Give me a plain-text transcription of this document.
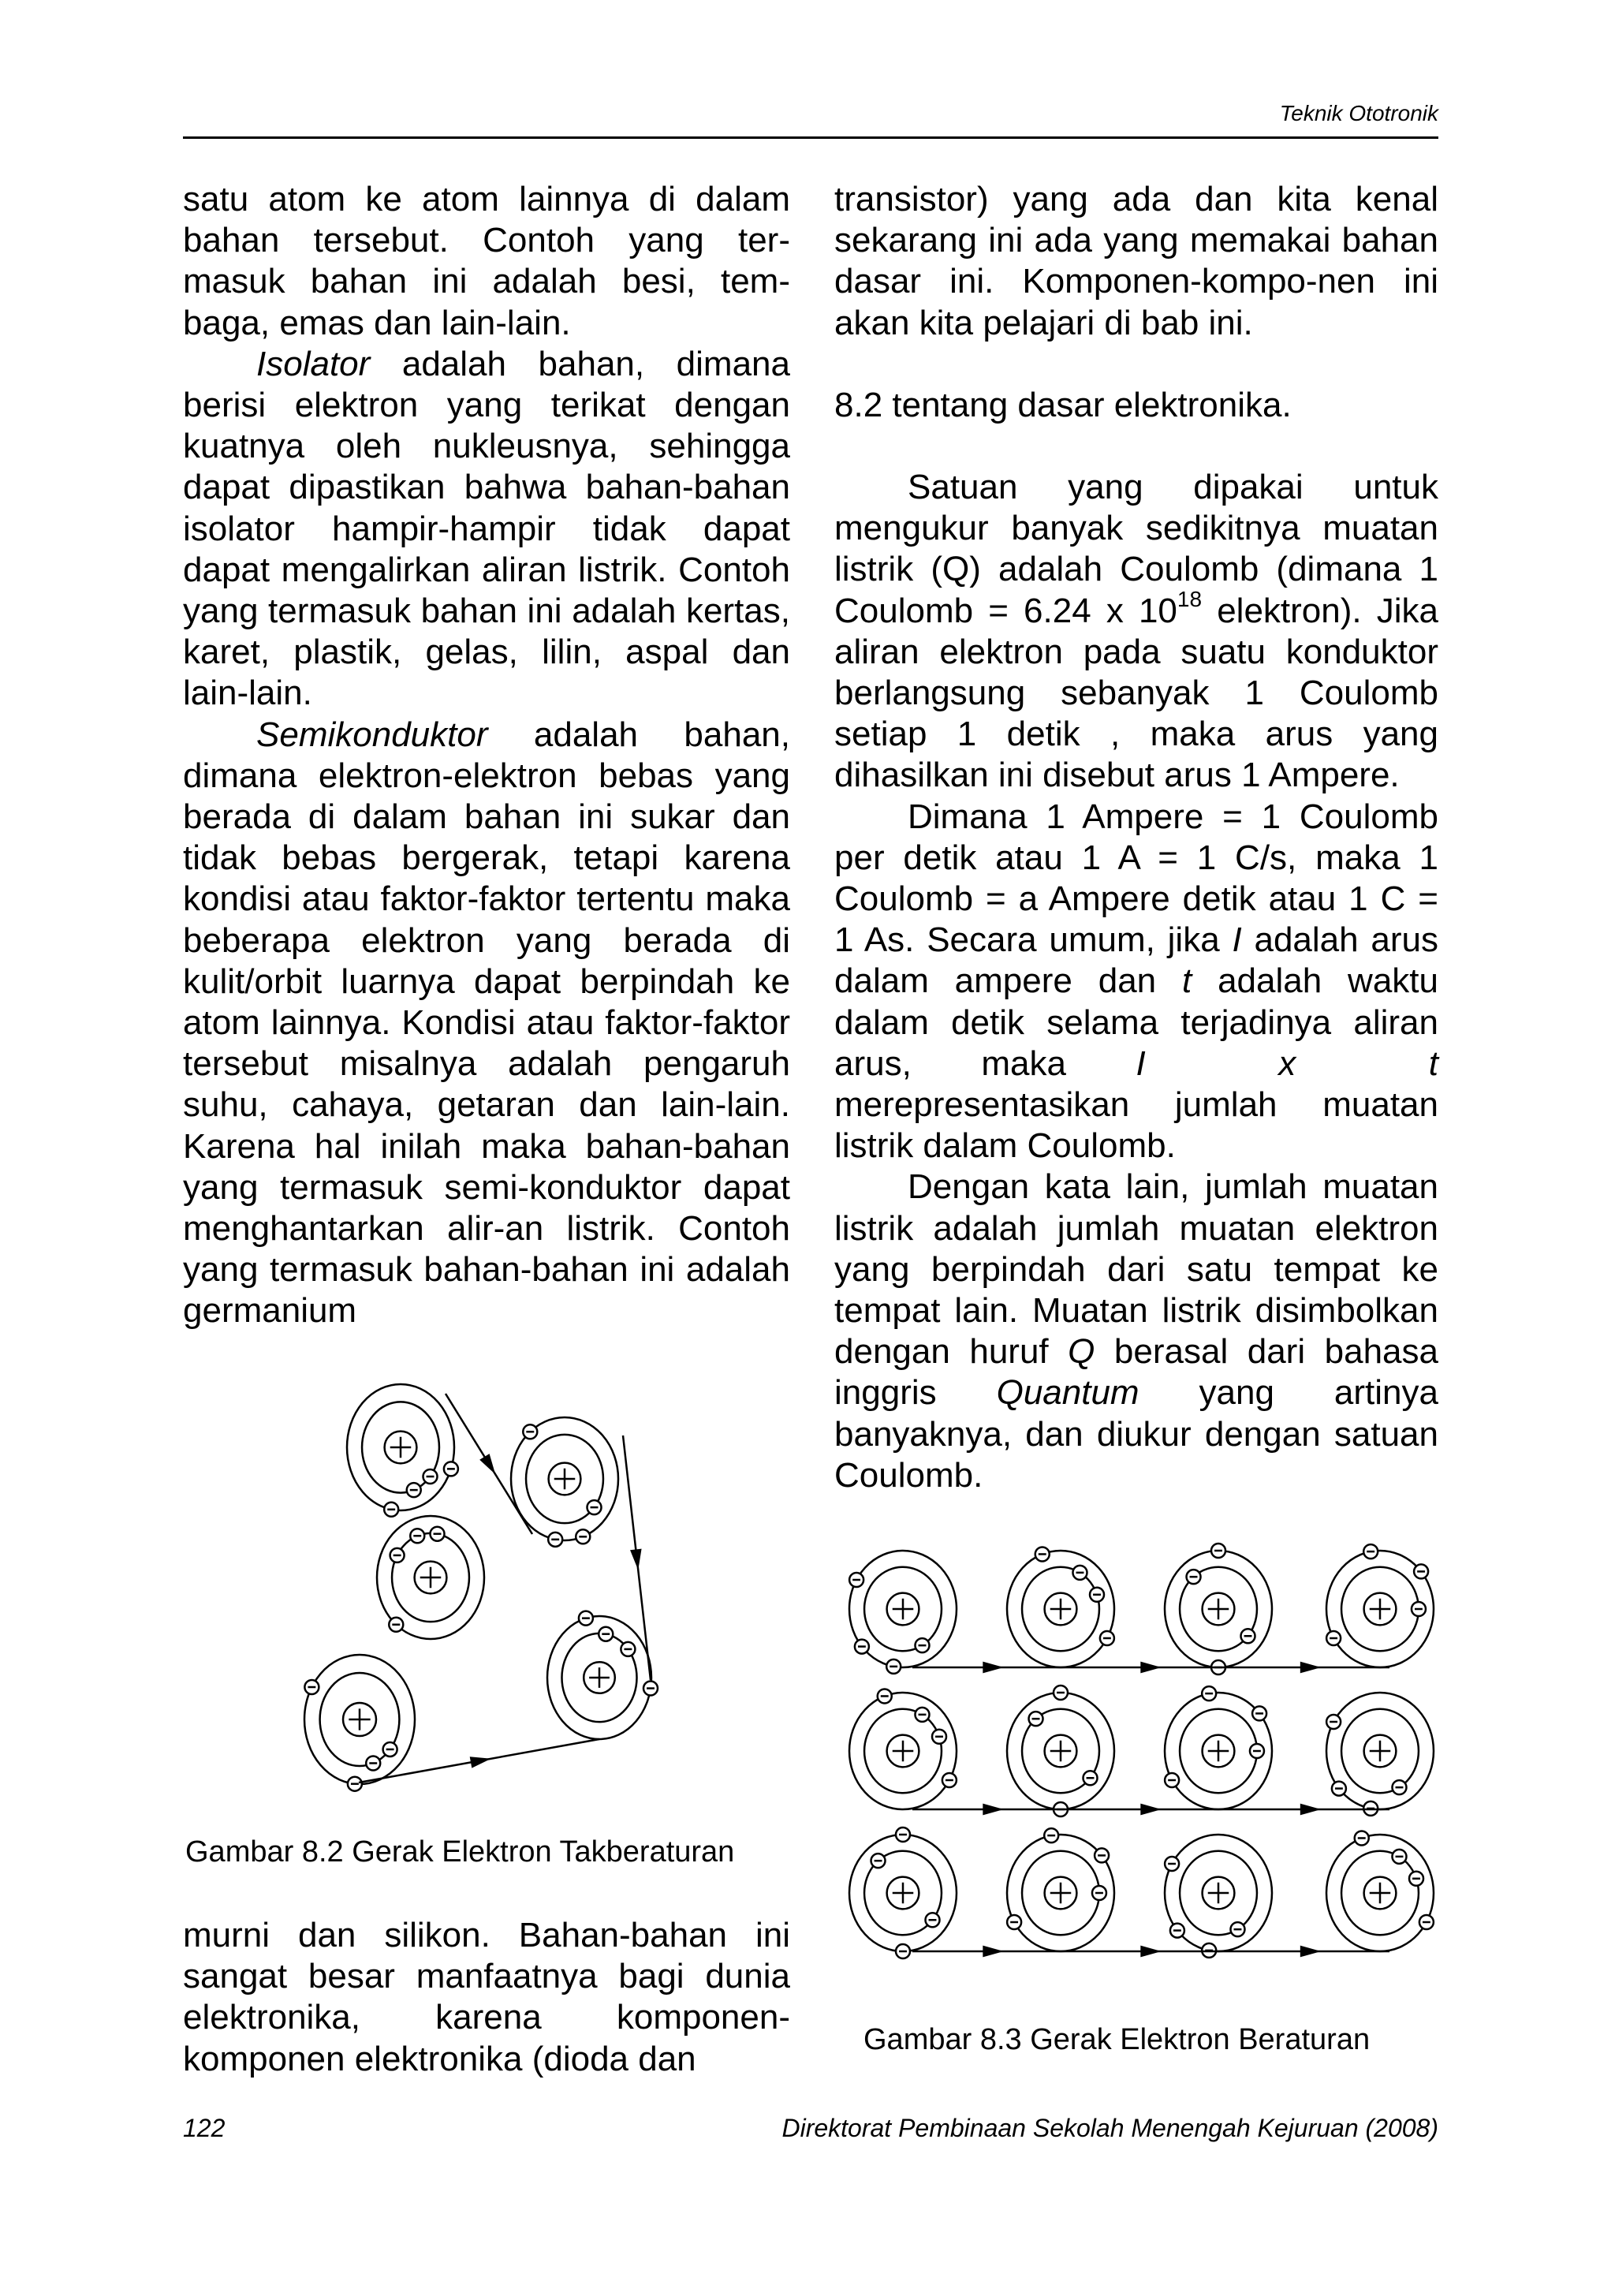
Teknik Ototronik

satu atom ke atom lainnya di dalam bahan tersebut. Contoh yang ter-masuk bahan ini adalah besi, tem-baga, emas dan lain-lain.

Isolator adalah bahan, dimana berisi elektron yang terikat dengan kuatnya oleh nukleusnya, sehingga dapat dipastikan bahwa bahan-bahan isolator hampir-hampir tidak dapat dapat mengalirkan aliran listrik. Contoh yang termasuk bahan ini adalah kertas, karet, plastik, gelas, lilin, aspal dan lain-lain.

Semikonduktor adalah bahan, dimana elektron-elektron bebas yang berada di dalam bahan ini sukar dan tidak bebas bergerak, tetapi karena kondisi atau faktor-faktor tertentu maka beberapa elektron yang berada di kulit/orbit luarnya dapat berpindah ke atom lainnya. Kondisi atau faktor-faktor tersebut misalnya adalah pengaruh suhu, cahaya, getaran dan lain-lain. Karena hal inilah maka bahan-bahan yang termasuk semi-konduktor dapat menghantarkan alir-an listrik. Contoh yang termasuk bahan-bahan ini adalah germanium

Gambar 8.2 Gerak Elektron Takberaturan

murni dan silikon. Bahan-bahan ini sangat besar manfaatnya bagi dunia elektronika, karena komponen-komponen elektronika (dioda dan

transistor) yang ada dan kita kenal sekarang ini ada yang memakai bahan dasar ini. Komponen-kompo-nen ini akan kita pelajari di bab ini.

8.2 tentang dasar elektronika.

Satuan yang dipakai untuk mengukur banyak sedikitnya muatan listrik (Q) adalah Coulomb (dimana 1 Coulomb = 6.24 x $10^{18}$ elektron). Jika aliran elektron pada suatu konduktor berlangsung sebanyak 1 Coulomb setiap 1 detik , maka arus yang dihasilkan ini disebut arus 1 Ampere.

Dimana 1 Ampere = 1 Coulomb per detik atau 1 A = 1 C/s, maka 1 Coulomb = a Ampere detik atau 1 C = 1 As. Secara umum, jika I adalah arus dalam ampere dan t adalah waktu dalam detik selama terjadinya aliran arus, maka I x t merepresentasikan jumlah muatan listrik dalam Coulomb.

Dengan kata lain, jumlah muatan listrik adalah jumlah muatan elektron yang berpindah dari satu tempat ke tempat lain. Muatan listrik disimbolkan dengan huruf Q berasal dari bahasa inggris Quantum yang artinya banyaknya, dan diukur dengan satuan Coulomb.

Gambar 8.3 Gerak Elektron Beraturan
122	Direktorat Pembinaan Sekolah Menengah Kejuruan (2008)
